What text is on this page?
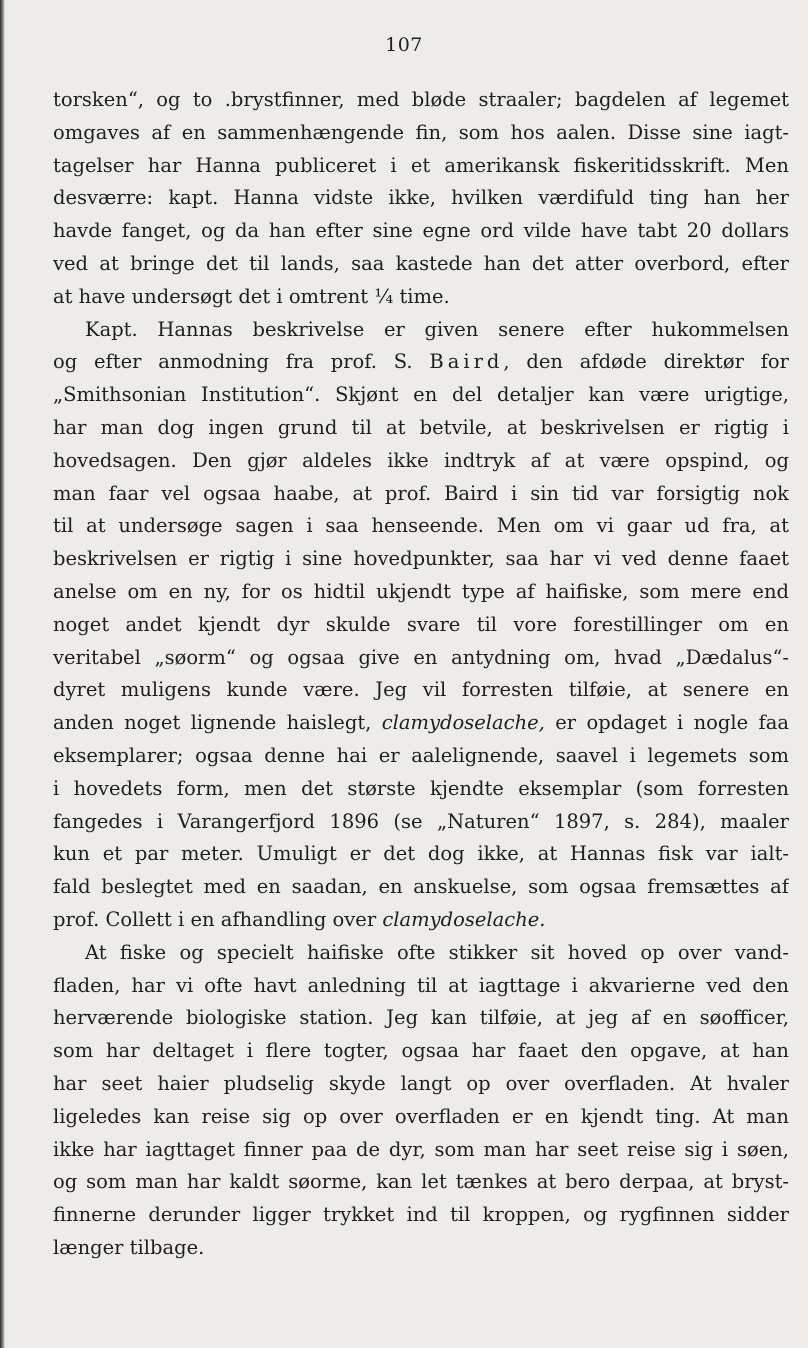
107
torsken“, og to .brystfinner, med bløde straaler; bagdelen af legemet
omgaves af en sammenhængende fin, som hos aalen. Disse sine iagt-
tagelser har Hanna publiceret i et amerikansk fiskeritidsskrift. Men
desværre: kapt. Hanna vidste ikke, hvilken værdifuld ting han her
havde fanget, og da han efter sine egne ord vilde have tabt 20 dollars
ved at bringe det til lands, saa kastede han det atter overbord, efter
at have undersøgt det i omtrent ¼ time.
Kapt. Hannas beskrivelse er given senere efter hukommelsen
og efter anmodning fra prof. S. Baird, den afdøde direktør for
„Smithsonian Institution“. Skjønt en del detaljer kan være urigtige,
har man dog ingen grund til at betvile, at beskrivelsen er rigtig i
hovedsagen. Den gjør aldeles ikke indtryk af at være opspind, og
man faar vel ogsaa haabe, at prof. Baird i sin tid var forsigtig nok
til at undersøge sagen i saa henseende. Men om vi gaar ud fra, at
beskrivelsen er rigtig i sine hovedpunkter, saa har vi ved denne faaet
anelse om en ny, for os hidtil ukjendt type af haifiske, som mere end
noget andet kjendt dyr skulde svare til vore forestillinger om en
veritabel „søorm“ og ogsaa give en antydning om, hvad „Dædalus“-
dyret muligens kunde være. Jeg vil forresten tilføie, at senere en
anden noget lignende haislegt, clamydoselache, er opdaget i nogle faa
eksemplarer; ogsaa denne hai er aalelignende, saavel i legemets som
i hovedets form, men det største kjendte eksemplar (som forresten
fangedes i Varangerfjord 1896 (se „Naturen“ 1897, s. 284), maaler
kun et par meter. Umuligt er det dog ikke, at Hannas fisk var ialt-
fald beslegtet med en saadan, en anskuelse, som ogsaa fremsættes af
prof. Collett i en afhandling over clamydoselache.
At fiske og specielt haifiske ofte stikker sit hoved op over vand-
fladen, har vi ofte havt anledning til at iagttage i akvarierne ved den
herværende biologiske station. Jeg kan tilføie, at jeg af en søofficer,
som har deltaget i flere togter, ogsaa har faaet den opgave, at han
har seet haier pludselig skyde langt op over overfladen. At hvaler
ligeledes kan reise sig op over overfladen er en kjendt ting. At man
ikke har iagttaget finner paa de dyr, som man har seet reise sig i søen,
og som man har kaldt søorme, kan let tænkes at bero derpaa, at bryst-
finnerne derunder ligger trykket ind til kroppen, og rygfinnen sidder
længer tilbage.
